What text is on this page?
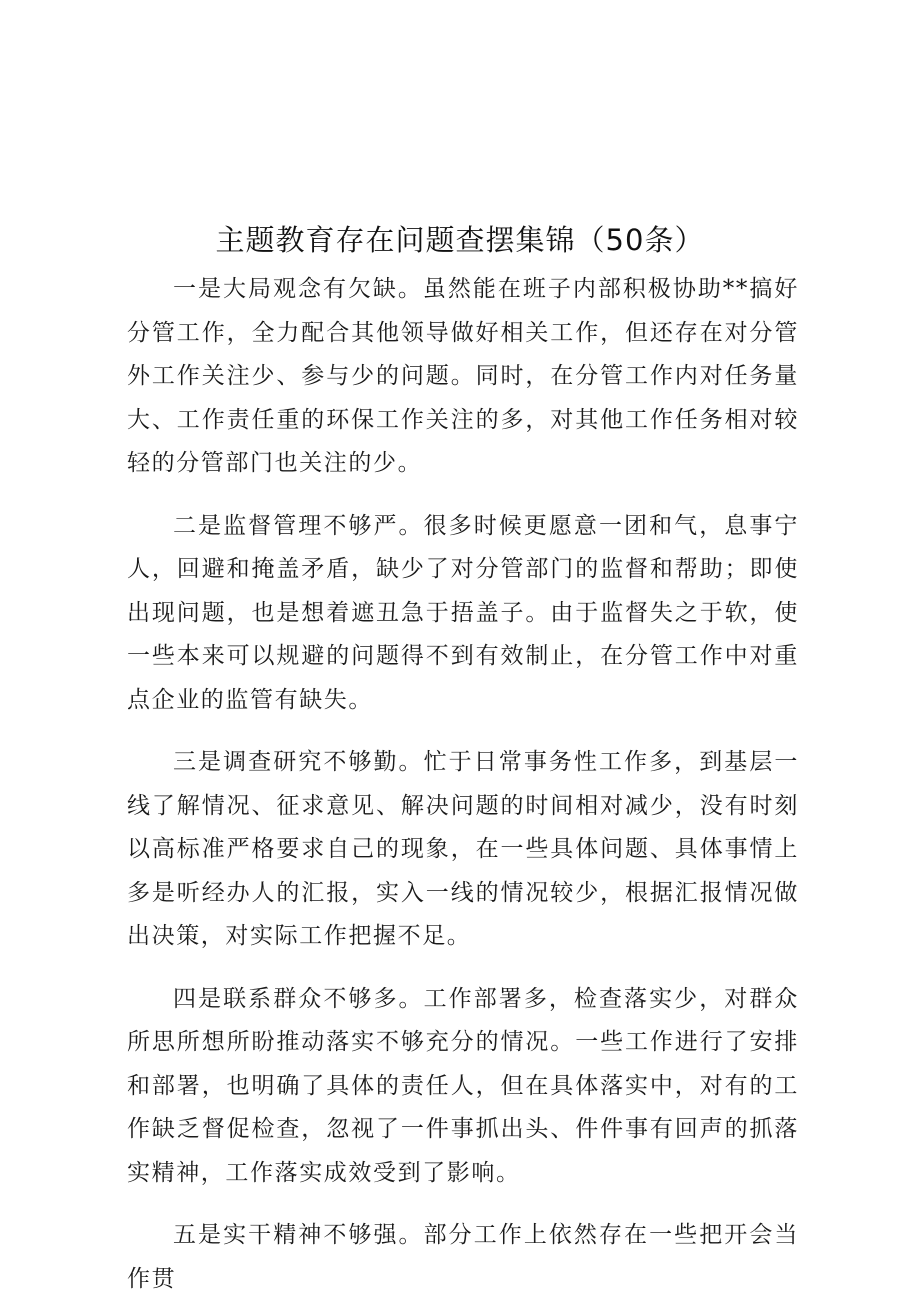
主题教育存在问题查摆集锦（50条）

一是大局观念有欠缺。虽然能在班子内部积极协助**搞好分管工作，全力配合其他领导做好相关工作，但还存在对分管外工作关注少、参与少的问题。同时，在分管工作内对任务量大、工作责任重的环保工作关注的多，对其他工作任务相对较轻的分管部门也关注的少。

二是监督管理不够严。很多时候更愿意一团和气，息事宁人，回避和掩盖矛盾，缺少了对分管部门的监督和帮助；即使出现问题，也是想着遮丑急于捂盖子。由于监督失之于软，使一些本来可以规避的问题得不到有效制止，在分管工作中对重点企业的监管有缺失。

三是调查研究不够勤。忙于日常事务性工作多，到基层一线了解情况、征求意见、解决问题的时间相对减少，没有时刻以高标准严格要求自己的现象，在一些具体问题、具体事情上多是听经办人的汇报，实入一线的情况较少，根据汇报情况做出决策，对实际工作把握不足。

四是联系群众不够多。工作部署多，检查落实少，对群众所思所想所盼推动落实不够充分的情况。一些工作进行了安排和部署，也明确了具体的责任人，但在具体落实中，对有的工作缺乏督促检查，忽视了一件事抓出头、件件事有回声的抓落实精神，工作落实成效受到了影响。

五是实干精神不够强。部分工作上依然存在一些把开会当作贯
